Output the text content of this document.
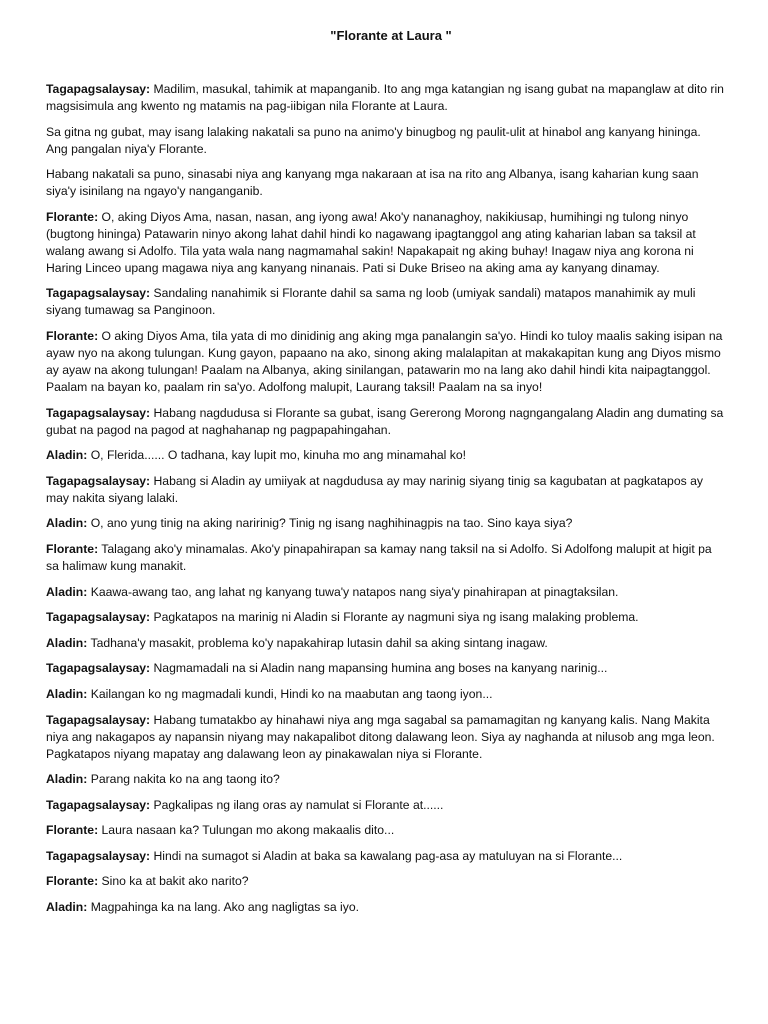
"Florante at Laura "

Tagapagsalaysay: Madilim, masukal, tahimik at mapanganib. Ito ang mga katangian ng isang gubat na mapanglaw at dito rin magsisimula ang kwento ng matamis na pag-iibigan nila Florante at Laura.

Sa gitna ng gubat, may isang lalaking nakatali sa puno na animo'y binugbog ng paulit-ulit at hinabol ang kanyang hininga. Ang pangalan niya'y Florante.

Habang nakatali sa puno, sinasabi niya ang kanyang mga nakaraan at isa na rito ang Albanya, isang kaharian kung saan siya'y isinilang na ngayo'y nanganganib.

Florante: O, aking Diyos Ama, nasan, nasan, ang iyong awa! Ako'y nananaghoy, nakikiusap, humihingi ng tulong ninyo (bugtong hininga) Patawarin ninyo akong lahat dahil hindi ko nagawang ipagtanggol ang ating kaharian laban sa taksil at walang awang si Adolfo. Tila yata wala nang nagmamahal sakin! Napakapait ng aking buhay! Inagaw niya ang korona ni Haring Linceo upang magawa niya ang kanyang ninanais. Pati si Duke Briseo na aking ama ay kanyang dinamay.

Tagapagsalaysay: Sandaling nanahimik si Florante dahil sa sama ng loob (umiyak sandali) matapos manahimik ay muli siyang tumawag sa Panginoon.

Florante: O aking Diyos Ama, tila yata di mo dinidinig ang aking mga panalangin sa'yo. Hindi ko tuloy maalis saking isipan na ayaw nyo na akong tulungan. Kung gayon, papaano na ako, sinong aking malalapitan at makakapitan kung ang Diyos mismo ay ayaw na akong tulungan! Paalam na Albanya, aking sinilangan, patawarin mo na lang ako dahil hindi kita naipagtanggol. Paalam na bayan ko, paalam rin sa'yo. Adolfong malupit, Laurang taksil! Paalam na sa inyo!

Tagapagsalaysay: Habang nagdudusa si Florante sa gubat, isang Gererong Morong nagngangalang Aladin ang dumating sa gubat na pagod na pagod at naghahanap ng pagpapahingahan.

Aladin: O, Flerida...... O tadhana, kay lupit mo, kinuha mo ang minamahal ko!

Tagapagsalaysay: Habang si Aladin ay umiiyak at nagdudusa ay may narinig siyang tinig sa kagubatan at pagkatapos ay may nakita siyang lalaki.

Aladin: O, ano yung tinig na aking naririnig? Tinig ng isang naghihinagpis na tao. Sino kaya siya?

Florante: Talagang ako'y minamalas. Ako'y pinapahirapan sa kamay nang taksil na si Adolfo. Si Adolfong malupit at higit pa sa halimaw kung manakit.

Aladin: Kaawa-awang tao, ang lahat ng kanyang tuwa'y natapos nang siya'y pinahirapan at pinagtaksilan.

Tagapagsalaysay: Pagkatapos na marinig ni Aladin si Florante ay nagmuni siya ng isang malaking problema.

Aladin: Tadhana'y masakit, problema ko'y napakahirap lutasin dahil sa aking sintang inagaw.

Tagapagsalaysay: Nagmamadali na si Aladin nang mapansing humina ang boses na kanyang narinig...

Aladin: Kailangan ko ng magmadali kundi, Hindi ko na maabutan ang taong iyon...

Tagapagsalaysay: Habang tumatakbo ay hinahawi niya ang mga sagabal sa pamamagitan ng kanyang kalis. Nang Makita niya ang nakagapos ay napansin niyang may nakapalibot ditong dalawang leon. Siya ay naghanda at nilusob ang mga leon. Pagkatapos niyang mapatay ang dalawang leon ay pinakawalan niya si Florante.

Aladin: Parang nakita ko na ang taong ito?

Tagapagsalaysay: Pagkalipas ng ilang oras ay namulat si Florante at......

Florante: Laura nasaan ka? Tulungan mo akong makaalis dito...

Tagapagsalaysay: Hindi na sumagot si Aladin at baka sa kawalang pag-asa ay matuluyan na si Florante...

Florante: Sino ka at bakit ako narito?

Aladin: Magpahinga ka na lang. Ako ang nagligtas sa iyo.
